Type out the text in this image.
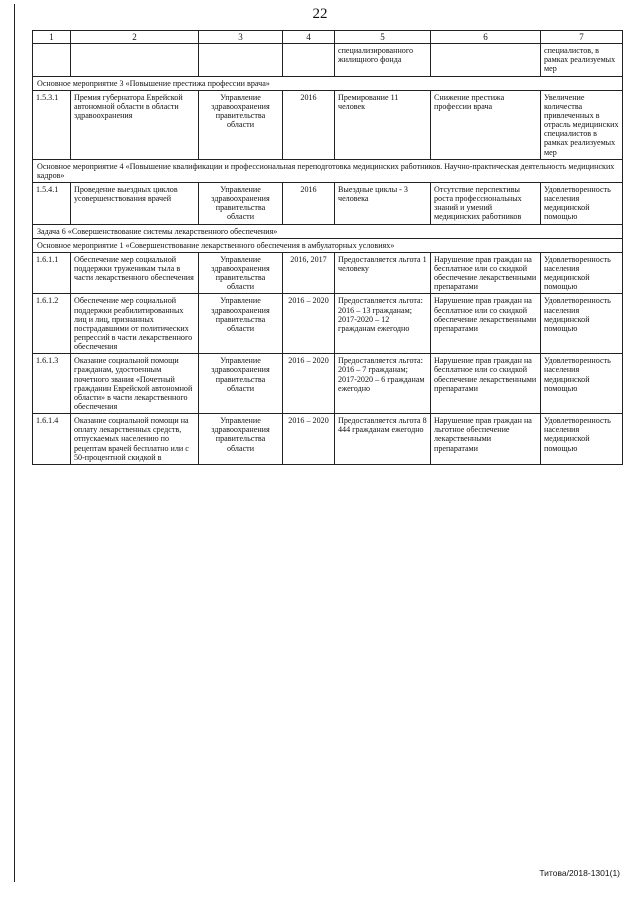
22
1	2	3	4	5	6	7
				специализированного жилищного фонда		специалистов, в рамках реализуемых мер
Основное мероприятие 3 «Повышение престижа профессии врача»						
1.5.3.1	Премия губернатора Еврейской автономной области в области здравоохранения	Управление здравоохранения правительства области	2016	Премирование 11 человек	Снижение престижа профессии врача	Увеличение количества привлеченных в отрасль медицинских специалистов в рамках реализуемых мер
Основное мероприятие 4 «Повышение квалификации и профессиональная переподготовка медицинских работников. Научно-практическая деятельность медицинских кадров»						
1.5.4.1	Проведение выездных циклов усовершенствования врачей	Управление здравоохранения правительства области	2016	Выездные циклы - 3 человека	Отсутствие перспективы роста профессиональных знаний и умений медицинских работников	Удовлетворенность населения медицинской помощью
Задача 6 «Совершенствование системы лекарственного обеспечения»						
Основное мероприятие 1 «Совершенствование лекарственного обеспечения в амбулаторных условиях»						
1.6.1.1	Обеспечение мер социальной поддержки труженикам тыла в части лекарственного обеспечения	Управление здравоохранения правительства области	2016, 2017	Предоставляется льгота 1 человеку	Нарушение прав граждан на бесплатное или со скидкой обеспечение лекарственными препаратами	Удовлетворенность населения медицинской помощью
1.6.1.2	Обеспечение мер социальной поддержки реабилитированных лиц и лиц, признанных пострадавшими от политических репрессий в части лекарственного обеспечения	Управление здравоохранения правительства области	2016 – 2020	Предоставляется льгота: 2016 – 13 гражданам; 2017-2020 – 12 гражданам ежегодно	Нарушение прав граждан на бесплатное или со скидкой обеспечение лекарственными препаратами	Удовлетворенность населения медицинской помощью
1.6.1.3	Оказание социальной помощи гражданам, удостоенным почетного звания «Почетный гражданин Еврейской автономной области» в части лекарственного обеспечения	Управление здравоохранения правительства области	2016 – 2020	Предоставляется льгота: 2016 – 7 гражданам; 2017-2020 – 6 гражданам ежегодно	Нарушение прав граждан на бесплатное или со скидкой обеспечение лекарственными препаратами	Удовлетворенность населения медицинской помощью
1.6.1.4	Оказание социальной помощи на оплату лекарственных средств, отпускаемых населению по рецептам врачей бесплатно или с 50-процентной скидкой в	Управление здравоохранения правительства области	2016 – 2020	Предоставляется льгота 8 444 гражданам ежегодно	Нарушение прав граждан на льготное обеспечение лекарственными препаратами	Удовлетворенность населения медицинской помощью
Титова/2018-1301(1)
